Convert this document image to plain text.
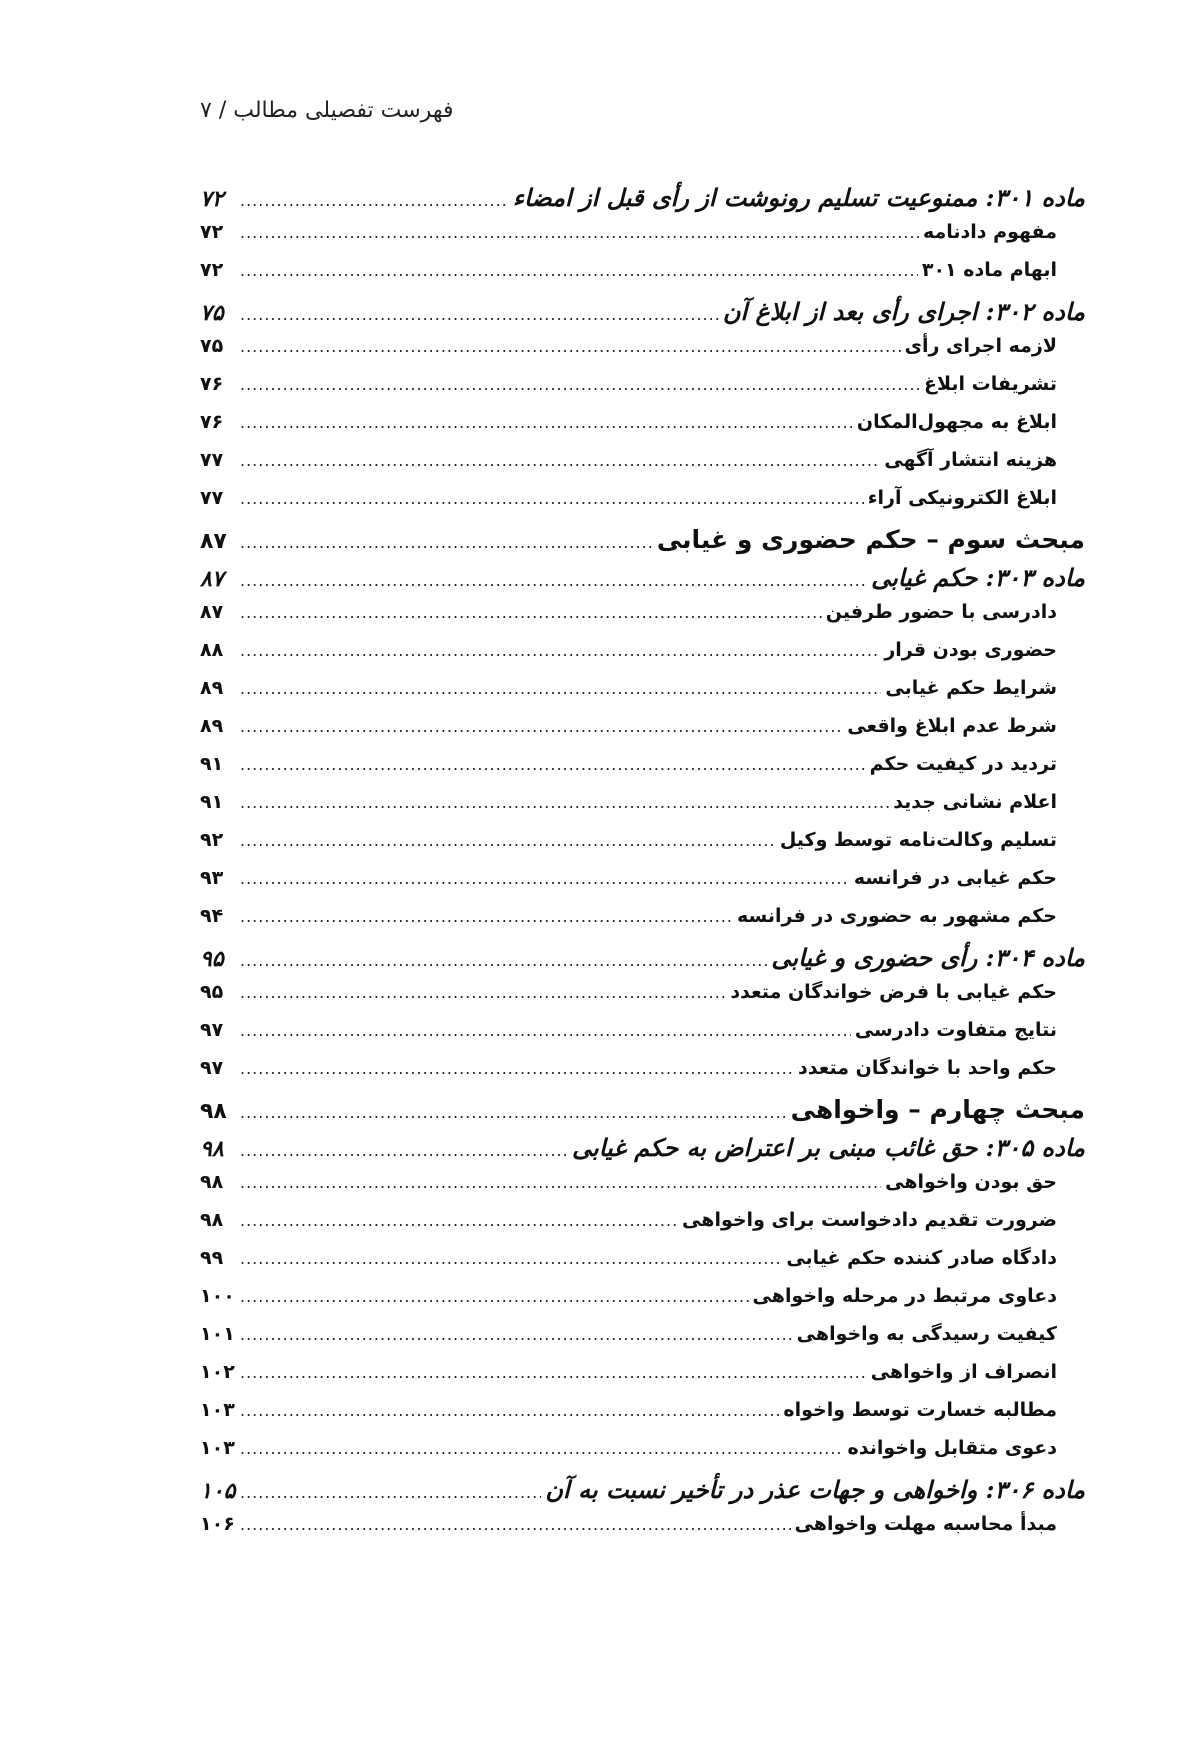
فهرست تفصیلی مطالب / ۷
ماده ۳۰۱: ممنوعیت تسلیم رونوشت از رأی قبل از امضاء
.....
۷۲
مفهوم دادنامه
.....
۷۲
ابهام ماده ۳۰۱
.....
۷۲
ماده ۳۰۲: اجرای رأی بعد از ابلاغ آن
.....
۷۵
لازمه اجرای رأی
.....
۷۵
تشریفات ابلاغ
.....
۷۶
ابلاغ به مجهول‌المکان
.....
۷۶
هزینه انتشار آگهی
.....
۷۷
ابلاغ الکترونیکی آراء
.....
۷۷
مبحث سوم – حکم حضوری و غیابی
.....
۸۷
ماده ۳۰۳: حکم غیابی
.....
۸۷
دادرسی با حضور طرفین
.....
۸۷
حضوری بودن قرار
.....
۸۸
شرایط حکم غیابی
.....
۸۹
شرط عدم ابلاغ واقعی
.....
۸۹
تردید در کیفیت حکم
.....
۹۱
اعلام نشانی جدید
.....
۹۱
تسلیم وکالت‌نامه توسط وکیل
.....
۹۲
حکم غیابی در فرانسه
.....
۹۳
حکم مشهور به حضوری در فرانسه
.....
۹۴
ماده ۳۰۴: رأی حضوری و غیابی
.....
۹۵
حکم غیابی با فرض خواندگان متعدد
.....
۹۵
نتایج متفاوت دادرسی
.....
۹۷
حکم واحد با خواندگان متعدد
.....
۹۷
مبحث چهارم – واخواهی
.....
۹۸
ماده ۳۰۵: حق غائب مبنی بر اعتراض به حکم غیابی
.....
۹۸
حق بودن واخواهی
.....
۹۸
ضرورت تقدیم دادخواست برای واخواهی
.....
۹۸
دادگاه صادر کننده حکم غیابی
.....
۹۹
دعاوی مرتبط در مرحله واخواهی
.....
۱۰۰
کیفیت رسیدگی به واخواهی
.....
۱۰۱
انصراف از واخواهی
.....
۱۰۲
مطالبه خسارت توسط واخواه
.....
۱۰۳
دعوی متقابل واخوانده
.....
۱۰۳
ماده ۳۰۶: واخواهی و جهات عذر در تأخیر نسبت به آن
.....
۱۰۵
مبدأ محاسبه مهلت واخواهی
.....
۱۰۶
